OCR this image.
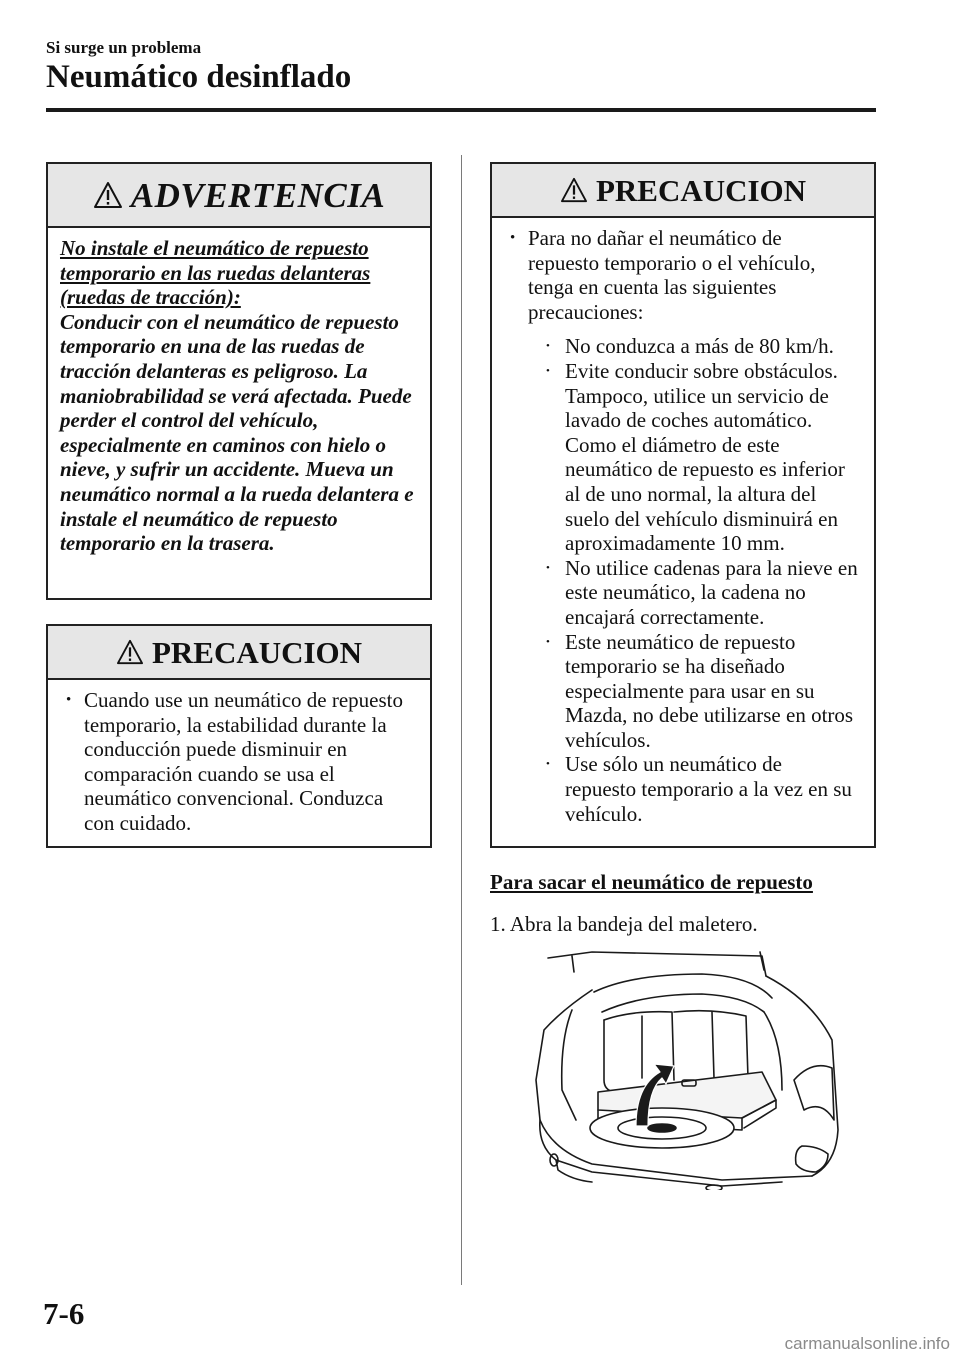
Si surge un problema
Neumático desinflado
ADVERTENCIA
No instale el neumático de repuesto temporario en las ruedas delanteras (ruedas de tracción):
Conducir con el neumático de repuesto temporario en una de las ruedas de tracción delanteras es peligroso. La maniobrabilidad se verá afectada. Puede perder el control del vehículo, especialmente en caminos con hielo o nieve, y sufrir un accidente. Mueva un neumático normal a la rueda delantera e instale el neumático de repuesto temporario en la trasera.
PRECAUCION
• Cuando use un neumático de repuesto temporario, la estabilidad durante la conducción puede disminuir en comparación cuando se usa el neumático convencional. Conduzca con cuidado.
PRECAUCION
• Para no dañar el neumático de repuesto temporario o el vehículo, tenga en cuenta las siguientes precauciones:
• No conduzca a más de 80 km/h.
• Evite conducir sobre obstáculos. Tampoco, utilice un servicio de lavado de coches automático. Como el diámetro de este neumático de repuesto es inferior al de uno normal, la altura del suelo del vehículo disminuirá en aproximadamente 10 mm.
• No utilice cadenas para la nieve en este neumático, la cadena no encajará correctamente.
• Este neumático de repuesto temporario se ha diseñado especialmente para usar en su Mazda, no debe utilizarse en otros vehículos.
• Use sólo un neumático de repuesto temporario a la vez en su vehículo.
Para sacar el neumático de repuesto
1. Abra la bandeja del maletero.
7-6
carmanualsonline.info
